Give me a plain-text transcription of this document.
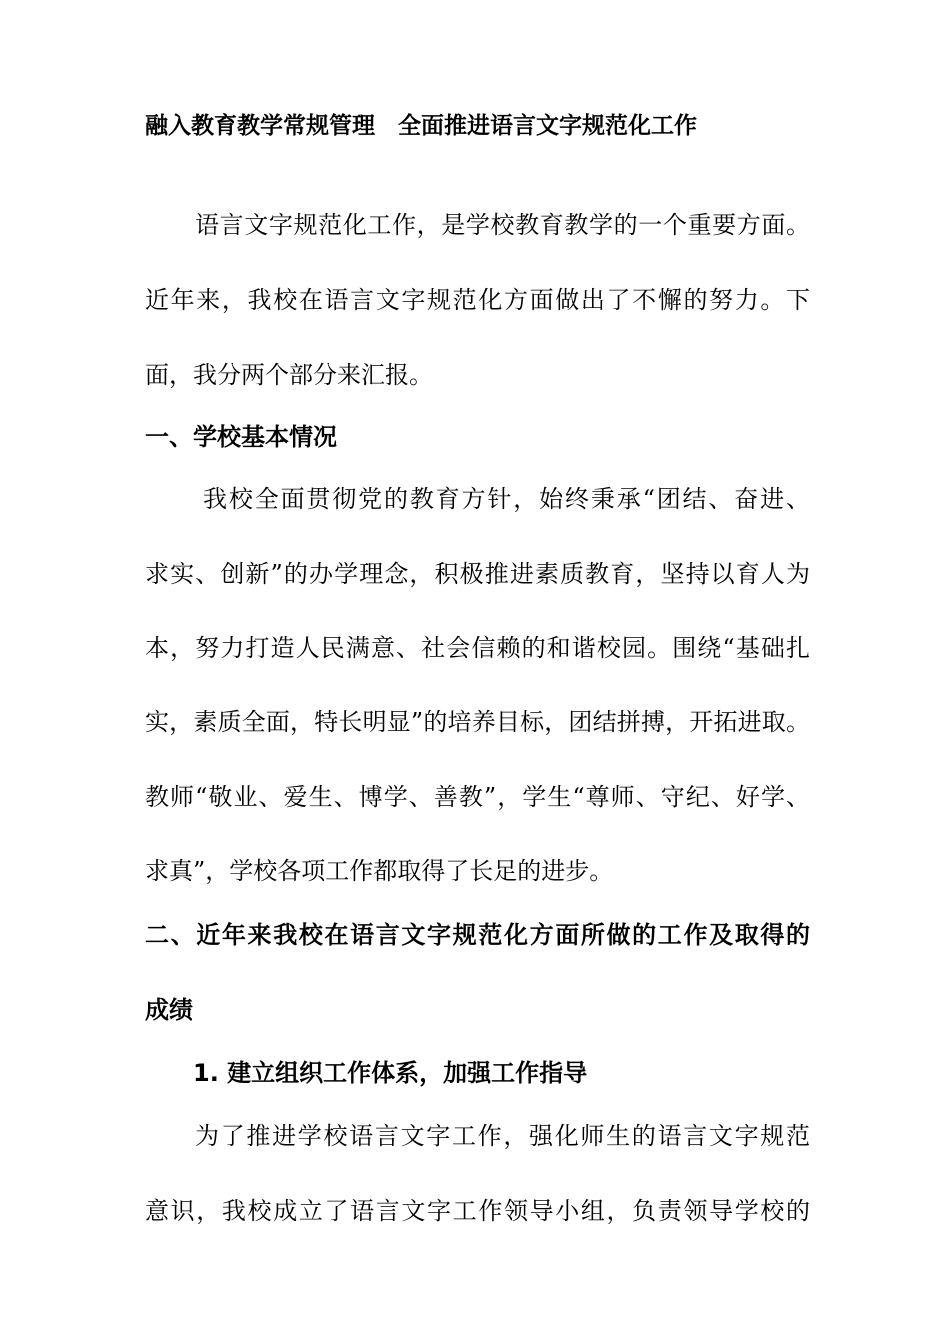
融入教育教学常规管理　全面推进语言文字规范化工作
语言文字规范化工作，是学校教育教学的一个重要方面。
近年来，我校在语言文字规范化方面做出了不懈的努力。下
面，我分两个部分来汇报。
一、学校基本情况
我校全面贯彻党的教育方针，始终秉承“团结、奋进、
求实、创新”的办学理念，积极推进素质教育，坚持以育人为
本，努力打造人民满意、社会信赖的和谐校园。围绕“基础扎
实，素质全面，特长明显”的培养目标，团结拼搏，开拓进取。
教师“敬业、爱生、博学、善教”，学生“尊师、守纪、好学、
求真”，学校各项工作都取得了长足的进步。
二、近年来我校在语言文字规范化方面所做的工作及取得的
成绩
1. 建立组织工作体系，加强工作指导
为了推进学校语言文字工作，强化师生的语言文字规范
意识，我校成立了语言文字工作领导小组，负责领导学校的
